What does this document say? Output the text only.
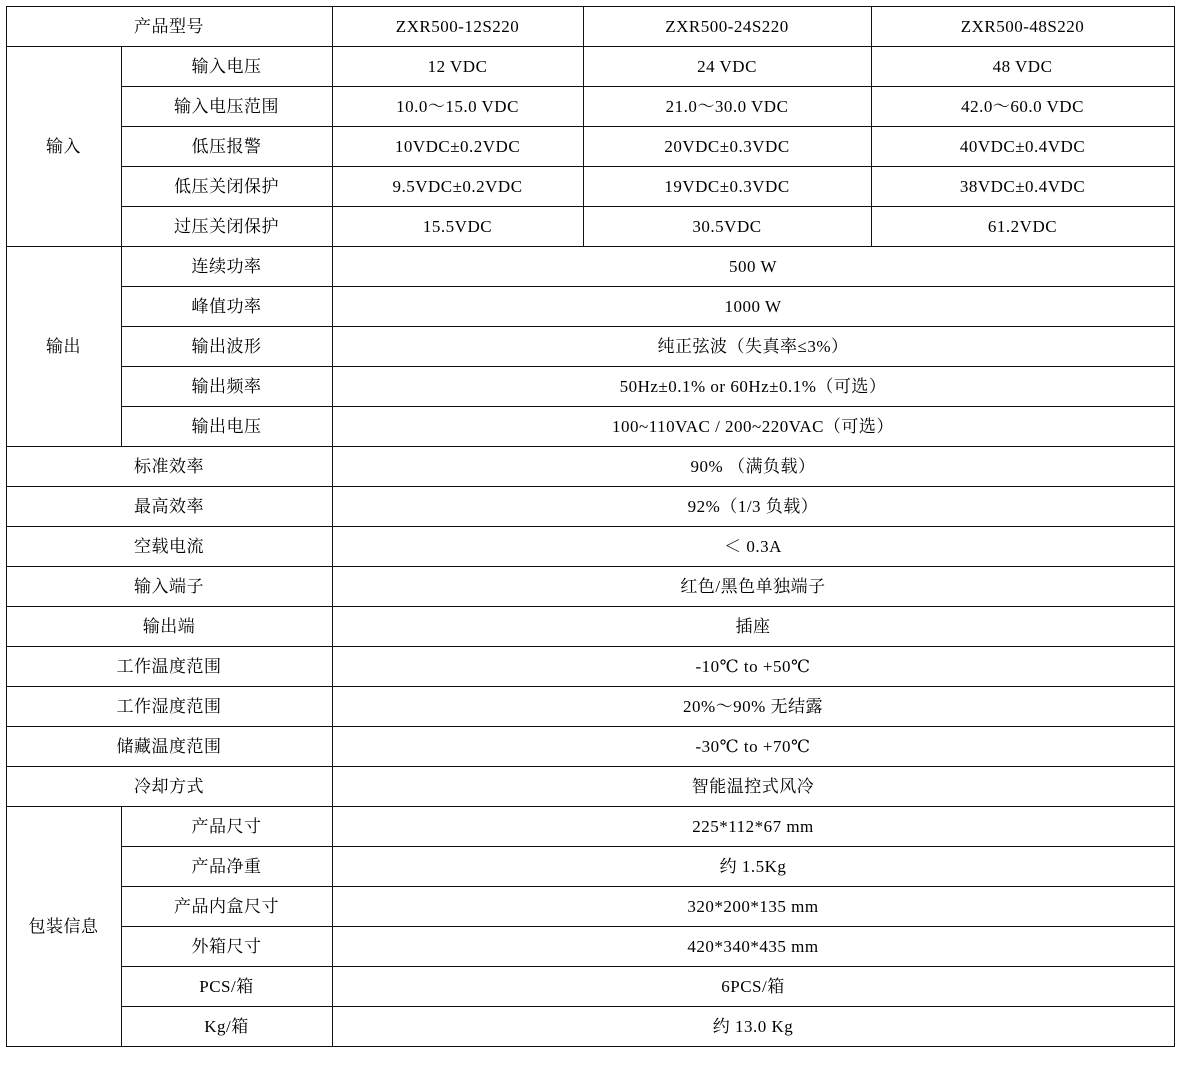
产品型号		ZXR500-12S220	ZXR500-24S220	ZXR500-48S220
输入	输入电压	12 VDC	24 VDC	48 VDC
	输入电压范围	10.0～15.0 VDC	21.0～30.0 VDC	42.0～60.0 VDC
	低压报警	10VDC±0.2VDC	20VDC±0.3VDC	40VDC±0.4VDC
	低压关闭保护	9.5VDC±0.2VDC	19VDC±0.3VDC	38VDC±0.4VDC
	过压关闭保护	15.5VDC	30.5VDC	61.2VDC
输出	连续功率	500 W		
	峰值功率	1000 W		
	输出波形	纯正弦波（失真率≤3%）		
	输出频率	50Hz±0.1% or 60Hz±0.1%（可选）		
	输出电压	100~110VAC / 200~220VAC（可选）		
标准效率		90% （满负载）		
最高效率		92%（1/3 负载）		
空载电流		＜ 0.3A		
输入端子		红色/黑色单独端子		
输出端		插座		
工作温度范围		-10℃ to +50℃		
工作湿度范围		20%～90% 无结露		
储藏温度范围		-30℃ to +70℃		
冷却方式		智能温控式风冷		
包装信息	产品尺寸	225*112*67 mm		
	产品净重	约 1.5Kg		
	产品内盒尺寸	320*200*135 mm		
	外箱尺寸	420*340*435 mm		
	PCS/箱	6PCS/箱		
	Kg/箱	约 13.0 Kg		
